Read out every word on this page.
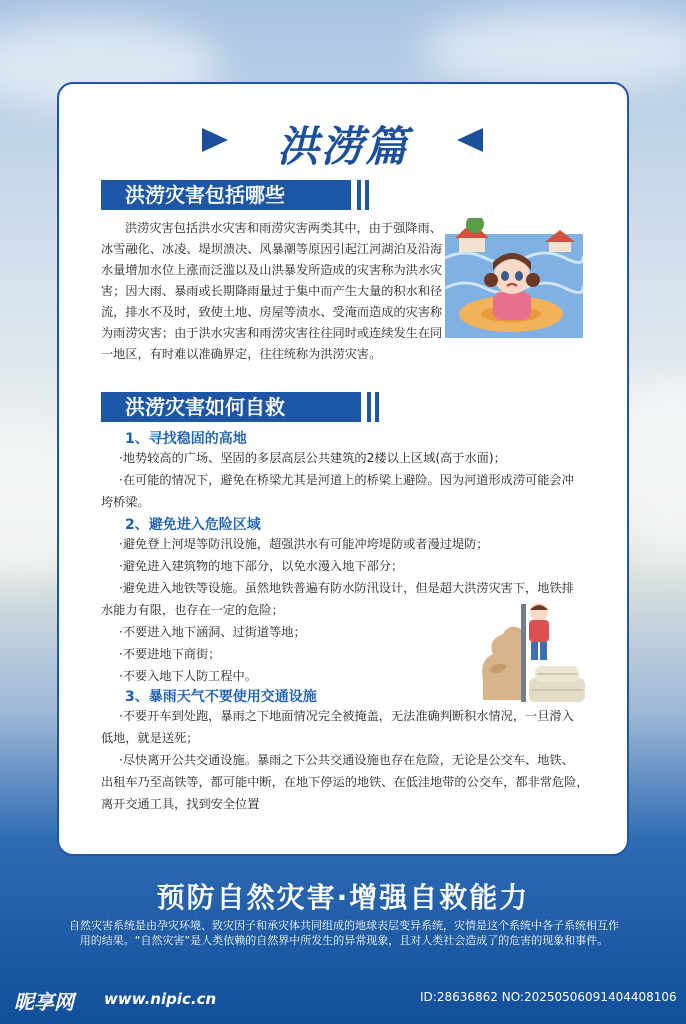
洪涝篇
洪涝灾害包括哪些
洪涝灾害包括洪水灾害和雨涝灾害两类其中，由于强降雨、
冰雪融化、冰凌、堤坝溃决、风暴潮等原因引起江河湖泊及沿海
水量增加水位上涨而泛滥以及山洪暴发所造成的灾害称为洪水灾
害；因大雨、暴雨或长期降雨量过于集中而产生大量的积水和径
流，排水不及时，致使土地、房屋等渍水、受淹而造成的灾害称
为雨涝灾害；由于洪水灾害和雨涝灾害往往同时或连续发生在同
一地区，有时难以准确界定，往往统称为洪涝灾害。
洪涝灾害如何自救
1、寻找稳固的高地
·地势较高的广场、坚固的多层高层公共建筑的2楼以上区域(高于水面)；
·在可能的情况下，避免在桥梁尤其是河道上的桥梁上避险。因为河道形成涝可能会冲
垮桥梁。
2、避免进入危险区域
·避免登上河堤等防汛设施，超强洪水有可能冲垮堤防或者漫过堤防；
·避免进入建筑物的地下部分，以免水漫入地下部分；
·避免进入地铁等设施。虽然地铁普遍有防水防汛设计，但是超大洪涝灾害下，地铁排
水能力有限，也存在一定的危险；
·不要进入地下涵洞、过街道等地；
·不要进地下商街；
·不要入地下人防工程中。
3、暴雨天气不要使用交通设施
·不要开车到处跑，暴雨之下地面情况完全被掩盖，无法准确判断积水情况，一旦滑入
低地，就是送死；
·尽快离开公共交通设施。暴雨之下公共交通设施也存在危险，无论是公交车、地铁、
出租车乃至高铁等，都可能中断，在地下停运的地铁、在低洼地带的公交车，都非常危险，
离开交通工具，找到安全位置
预防自然灾害·增强自救能力
自然灾害系统是由孕灾环境、致灾因子和承灾体共同组成的地球表层变异系统，灾情是这个系统中各子系统相互作用的结果。“自然灾害”是人类依赖的自然界中所发生的异常现象，且对人类社会造成了的危害的现象和事件。
昵享网 www.nipic.cn	ID:28636862 NO:20250506091404408106
